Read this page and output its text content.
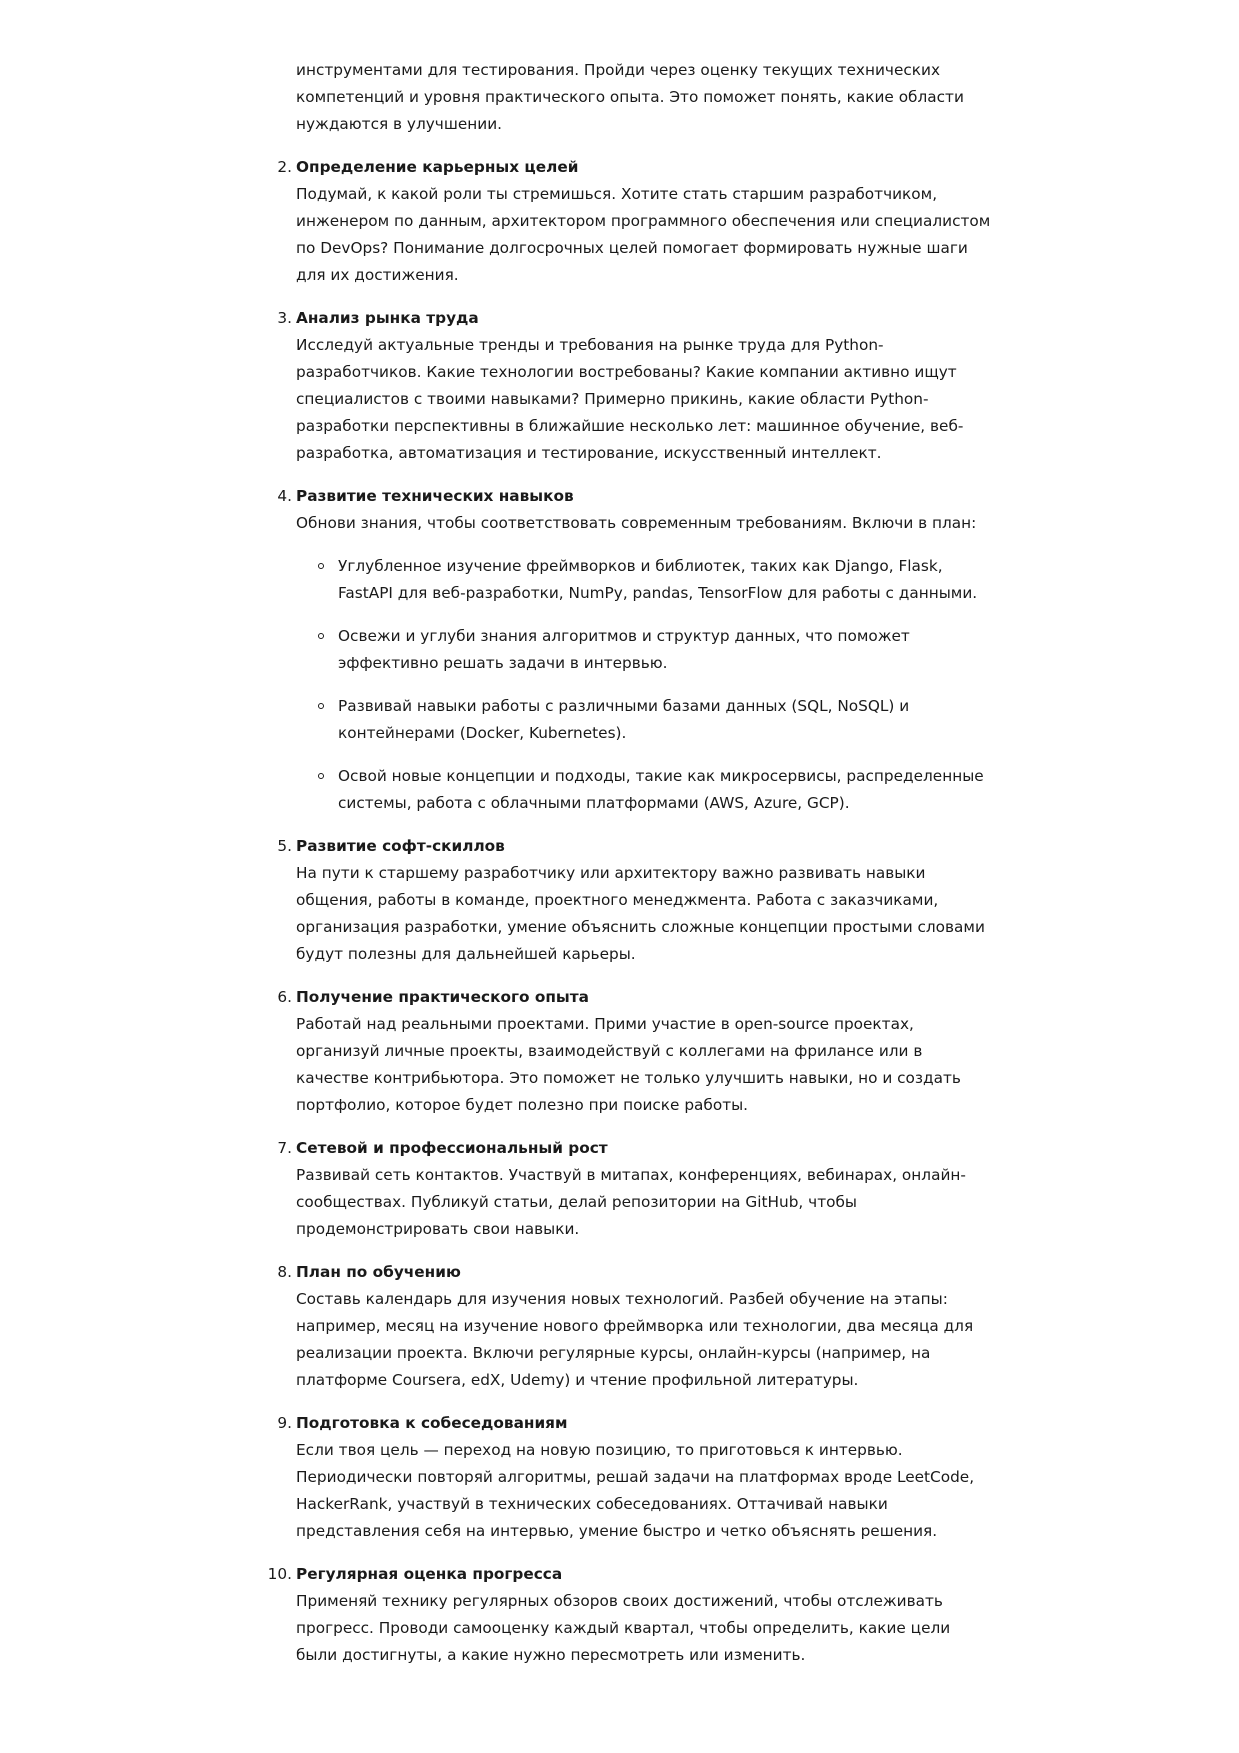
инструментами для тестирования. Пройди через оценку текущих технических компетенций и уровня практического опыта. Это поможет понять, какие области нуждаются в улучшении.

2. Определение карьерных целей
Подумай, к какой роли ты стремишься. Хотите стать старшим разработчиком, инженером по данным, архитектором программного обеспечения или специалистом по DevOps? Понимание долгосрочных целей помогает формировать нужные шаги для их достижения.
3. Анализ рынка труда
Исследуй актуальные тренды и требования на рынке труда для Python-разработчиков. Какие технологии востребованы? Какие компании активно ищут специалистов с твоими навыками? Примерно прикинь, какие области Python-разработки перспективны в ближайшие несколько лет: машинное обучение, веб-разработка, автоматизация и тестирование, искусственный интеллект.
4. Развитие технических навыков
Обнови знания, чтобы соответствовать современным требованиям. Включи в план:
Углубленное изучение фреймворков и библиотек, таких как Django, Flask, FastAPI для веб-разработки, NumPy, pandas, TensorFlow для работы с данными.
Освежи и углуби знания алгоритмов и структур данных, что поможет эффективно решать задачи в интервью.
Развивай навыки работы с различными базами данных (SQL, NoSQL) и контейнерами (Docker, Kubernetes).
Освой новые концепции и подходы, такие как микросервисы, распределенные системы, работа с облачными платформами (AWS, Azure, GCP).
5. Развитие софт-скиллов
На пути к старшему разработчику или архитектору важно развивать навыки общения, работы в команде, проектного менеджмента. Работа с заказчиками, организация разработки, умение объяснить сложные концепции простыми словами будут полезны для дальнейшей карьеры.
6. Получение практического опыта
Работай над реальными проектами. Прими участие в open-source проектах, организуй личные проекты, взаимодействуй с коллегами на фрилансе или в качестве контрибьютора. Это поможет не только улучшить навыки, но и создать портфолио, которое будет полезно при поиске работы.
7. Сетевой и профессиональный рост
Развивай сеть контактов. Участвуй в митапах, конференциях, вебинарах, онлайн-сообществах. Публикуй статьи, делай репозитории на GitHub, чтобы продемонстрировать свои навыки.
8. План по обучению
Составь календарь для изучения новых технологий. Разбей обучение на этапы: например, месяц на изучение нового фреймворка или технологии, два месяца для реализации проекта. Включи регулярные курсы, онлайн-курсы (например, на платформе Coursera, edX, Udemy) и чтение профильной литературы.
9. Подготовка к собеседованиям
Если твоя цель — переход на новую позицию, то приготовься к интервью. Периодически повторяй алгоритмы, решай задачи на платформах вроде LeetCode, HackerRank, участвуй в технических собеседованиях. Оттачивай навыки представления себя на интервью, умение быстро и четко объяснять решения.
10. Регулярная оценка прогресса
Применяй технику регулярных обзоров своих достижений, чтобы отслеживать прогресс. Проводи самооценку каждый квартал, чтобы определить, какие цели были достигнуты, а какие нужно пересмотреть или изменить.
